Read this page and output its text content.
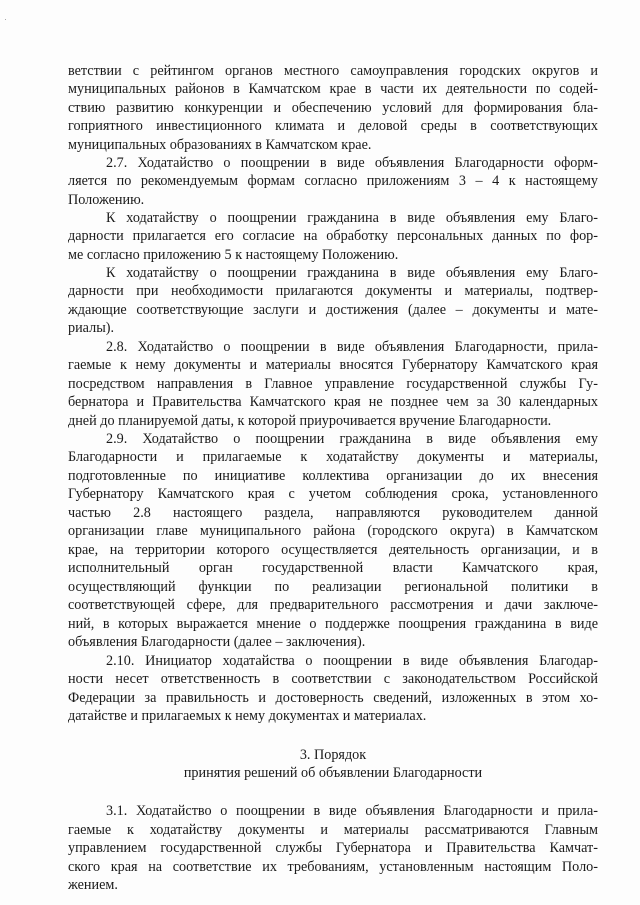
·
ветствии с рейтингом органов местного самоуправления городских округов и
муниципальных районов в Камчатском крае в части их деятельности по содей-
ствию развитию конкуренции и обеспечению условий для формирования бла-
гоприятного инвестиционного климата и деловой среды в соответствующих
муниципальных образованиях в Камчатском крае.
2.7. Ходатайство о поощрении в виде объявления Благодарности оформ-
ляется по рекомендуемым формам согласно приложениям 3 – 4 к настоящему
Положению.
К ходатайству о поощрении гражданина в виде объявления ему Благо-
дарности прилагается его согласие на обработку персональных данных по фор-
ме согласно приложению 5 к настоящему Положению.
К ходатайству о поощрении гражданина в виде объявления ему Благо-
дарности при необходимости прилагаются документы и материалы, подтвер-
ждающие соответствующие заслуги и достижения (далее – документы и мате-
риалы).
2.8. Ходатайство о поощрении в виде объявления Благодарности, прила-
гаемые к нему документы и материалы вносятся Губернатору Камчатского края
посредством направления в Главное управление государственной службы Гу-
бернатора и Правительства Камчатского края не позднее чем за 30 календарных
дней до планируемой даты, к которой приурочивается вручение Благодарности.
2.9. Ходатайство о поощрении гражданина в виде объявления ему
Благодарности и прилагаемые к ходатайству документы и материалы,
подготовленные по инициативе коллектива организации до их внесения
Губернатору Камчатского края с учетом соблюдения срока, установленного
частью 2.8 настоящего раздела, направляются руководителем данной
организации главе муниципального района (городского округа) в Камчатском
крае, на территории которого осуществляется деятельность организации, и в
исполнительный орган государственной власти Камчатского края,
осуществляющий функции по реализации региональной политики в
соответствующей сфере, для предварительного рассмотрения и дачи заключе-
ний, в которых выражается мнение о поддержке поощрения гражданина в виде
объявления Благодарности (далее – заключения).
2.10. Инициатор ходатайства о поощрении в виде объявления Благодар-
ности несет ответственность в соответствии с законодательством Российской
Федерации за правильность и достоверность сведений, изложенных в этом хо-
датайстве и прилагаемых к нему документах и материалах.
3. Порядок
принятия решений об объявлении Благодарности
3.1. Ходатайство о поощрении в виде объявления Благодарности и прила-
гаемые к ходатайству документы и материалы рассматриваются Главным
управлением государственной службы Губернатора и Правительства Камчат-
ского края на соответствие их требованиям, установленным настоящим Поло-
жением.
